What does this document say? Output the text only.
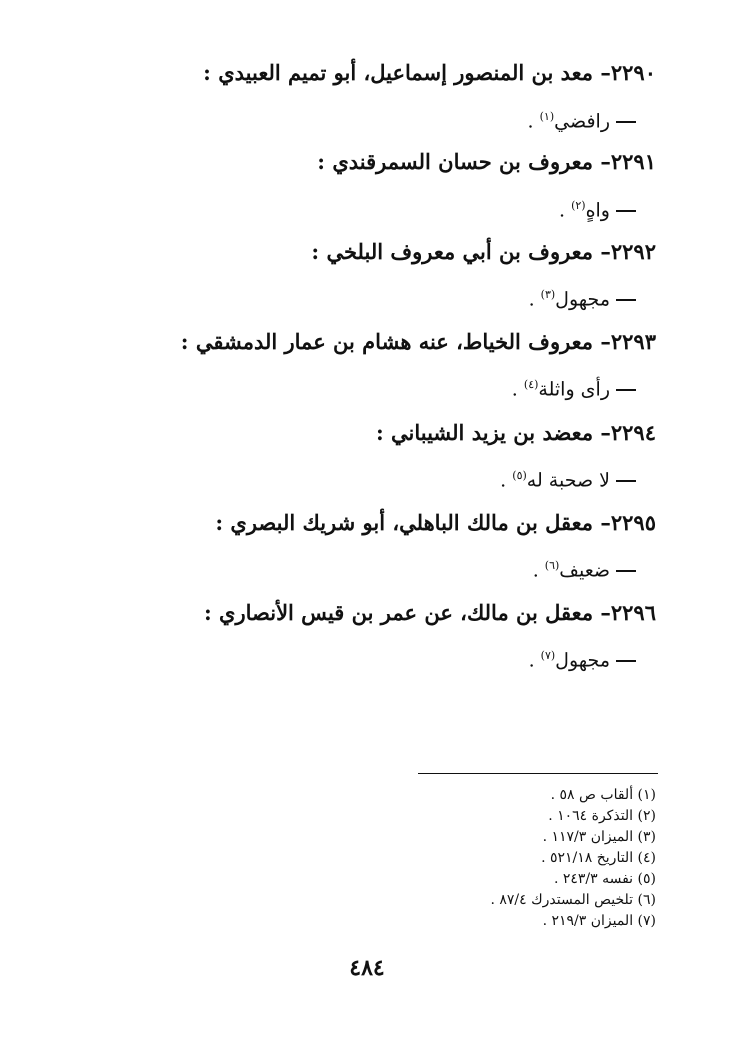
٢٢٩٠– معد بن المنصور إسماعيل، أبو تميم العبيدي :
رافضي$^{(١)}$ .
٢٢٩١– معروف بن حسان السمرقندي :
واهٍ$^{(٢)}$ .
٢٢٩٢– معروف بن أبي معروف البلخي :
مجهول$^{(٣)}$ .
٢٢٩٣– معروف الخياط، عنه هشام بن عمار الدمشقي :
رأى واثلة$^{(٤)}$ .
٢٢٩٤– معضد بن يزيد الشيباني :
لا صحبة له$^{(٥)}$ .
٢٢٩٥– معقل بن مالك الباهلي، أبو شريك البصري :
ضعيف$^{(٦)}$ .
٢٢٩٦– معقل بن مالك، عن عمر بن قيس الأنصاري :
مجهول$^{(٧)}$ .
(١) ألقاب ص ٥٨ .
(٢) التذكرة ١٠٦٤ .
(٣) الميزان ١١٧/٣ .
(٤) التاريخ ٥٢١/١٨ .
(٥) نفسه ٢٤٣/٣ .
(٦) تلخيص المستدرك ٨٧/٤ .
(٧) الميزان ٢١٩/٣ .
٤٨٤
